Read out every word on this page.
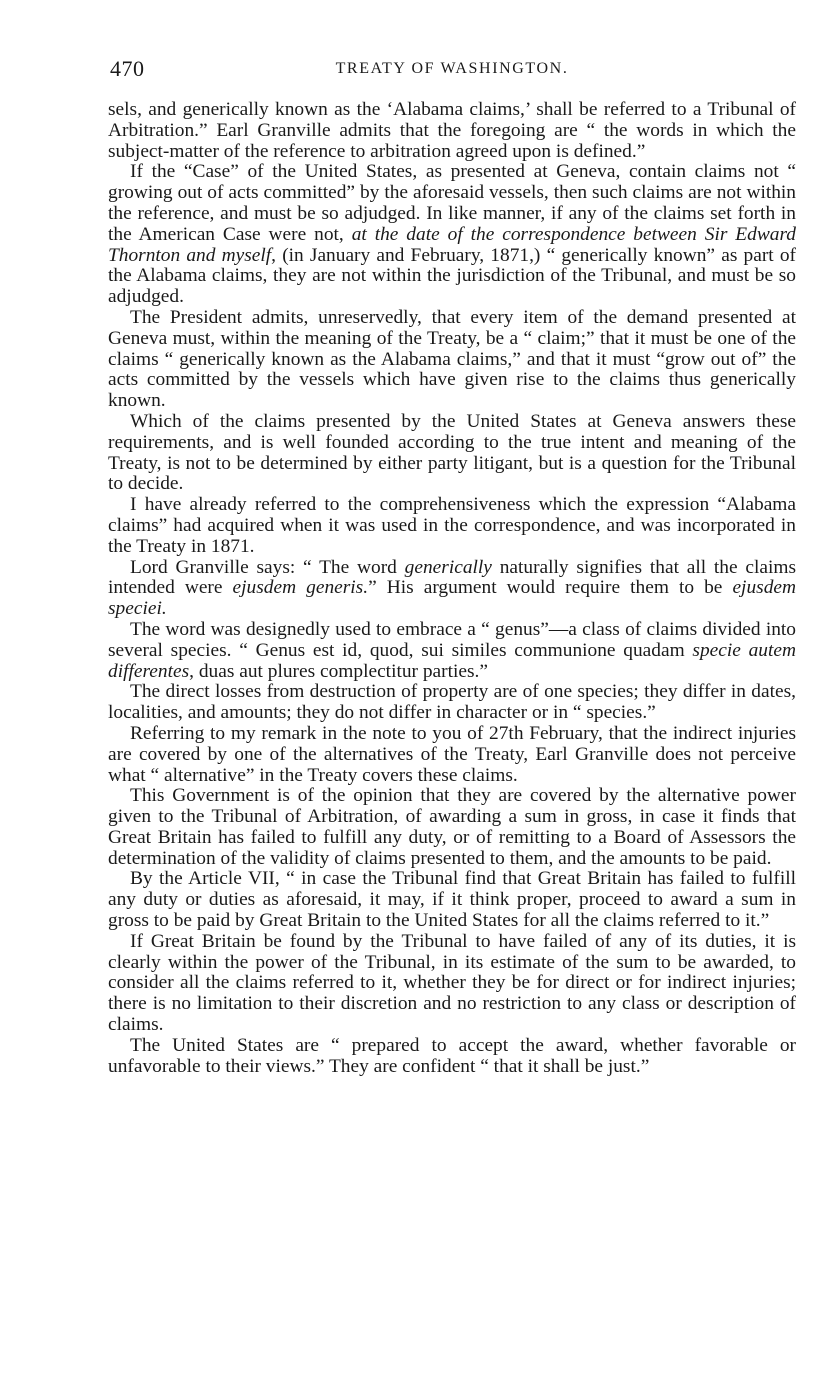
470	TREATY OF WASHINGTON.

sels, and generically known as the ‘Alabama claims,’ shall be referred to a Tribunal of Arbitration.” Earl Granville admits that the foregoing are “ the words in which the subject-matter of the reference to arbitration agreed upon is defined.”

If the “Case” of the United States, as presented at Geneva, contain claims not “ growing out of acts committed” by the aforesaid vessels, then such claims are not within the reference, and must be so adjudged. In like manner, if any of the claims set forth in the American Case were not, at the date of the correspondence between Sir Edward Thornton and myself, (in January and February, 1871,) “ generically known” as part of the Alabama claims, they are not within the jurisdiction of the Tribunal, and must be so adjudged.

The President admits, unreservedly, that every item of the demand presented at Geneva must, within the meaning of the Treaty, be a “ claim;” that it must be one of the claims “ generically known as the Alabama claims,” and that it must “grow out of” the acts committed by the vessels which have given rise to the claims thus generically known.

Which of the claims presented by the United States at Geneva answers these requirements, and is well founded according to the true intent and meaning of the Treaty, is not to be determined by either party litigant, but is a question for the Tribunal to decide.

I have already referred to the comprehensiveness which the expression “Alabama claims” had acquired when it was used in the correspondence, and was incorporated in the Treaty in 1871.

Lord Granville says: “ The word generically naturally signifies that all the claims intended were ejusdem generis.” His argument would require them to be ejusdem speciei.

The word was designedly used to embrace a “ genus”—a class of claims divided into several species. “ Genus est id, quod, sui similes communione quadam specie autem differentes, duas aut plures complectitur parties.”

The direct losses from destruction of property are of one species; they differ in dates, localities, and amounts; they do not differ in character or in “ species.”

Referring to my remark in the note to you of 27th February, that the indirect injuries are covered by one of the alternatives of the Treaty, Earl Granville does not perceive what “ alternative” in the Treaty covers these claims.

This Government is of the opinion that they are covered by the alternative power given to the Tribunal of Arbitration, of awarding a sum in gross, in case it finds that Great Britain has failed to fulfill any duty, or of remitting to a Board of Assessors the determination of the validity of claims presented to them, and the amounts to be paid.

By the Article VII, “ in case the Tribunal find that Great Britain has failed to fulfill any duty or duties as aforesaid, it may, if it think proper, proceed to award a sum in gross to be paid by Great Britain to the United States for all the claims referred to it.”

If Great Britain be found by the Tribunal to have failed of any of its duties, it is clearly within the power of the Tribunal, in its estimate of the sum to be awarded, to consider all the claims referred to it, whether they be for direct or for indirect injuries; there is no limitation to their discretion and no restriction to any class or description of claims.

The United States are “ prepared to accept the award, whether favorable or unfavorable to their views.” They are confident “ that it shall be just.”
